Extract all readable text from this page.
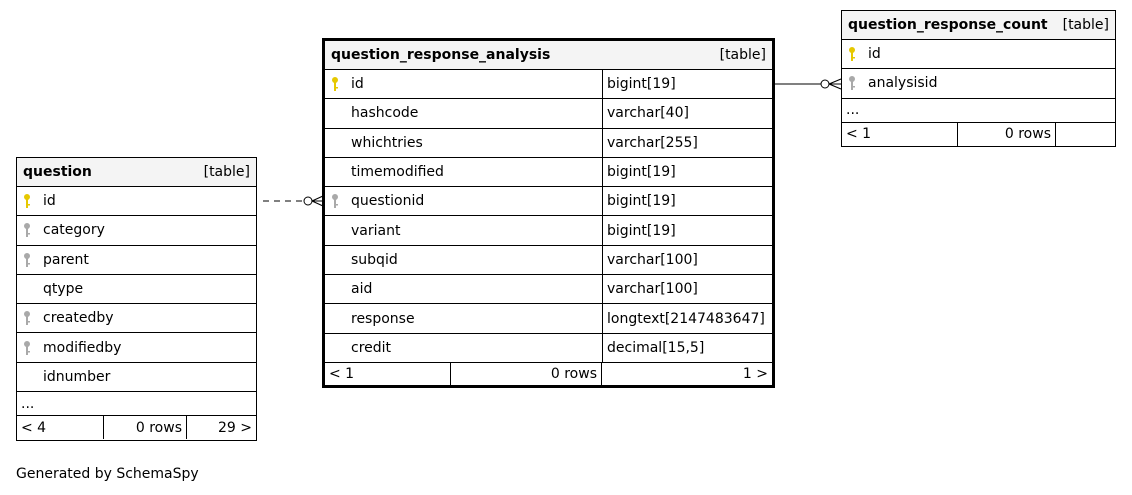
question	[table]
id
category
parent
qtype
createdby
modifiedby
idnumber
...
< 4	0 rows	29 >
question_response_analysis	[table]
id	bigint[19]
hashcode	varchar[40]
whichtries	varchar[255]
timemodified	bigint[19]
questionid	bigint[19]
variant	bigint[19]
subqid	varchar[100]
aid	varchar[100]
response	longtext[2147483647]
credit	decimal[15,5]
< 1	0 rows	1 >
question_response_count [table]
id
analysisid
...
< 1	0 rows
Generated by SchemaSpy
